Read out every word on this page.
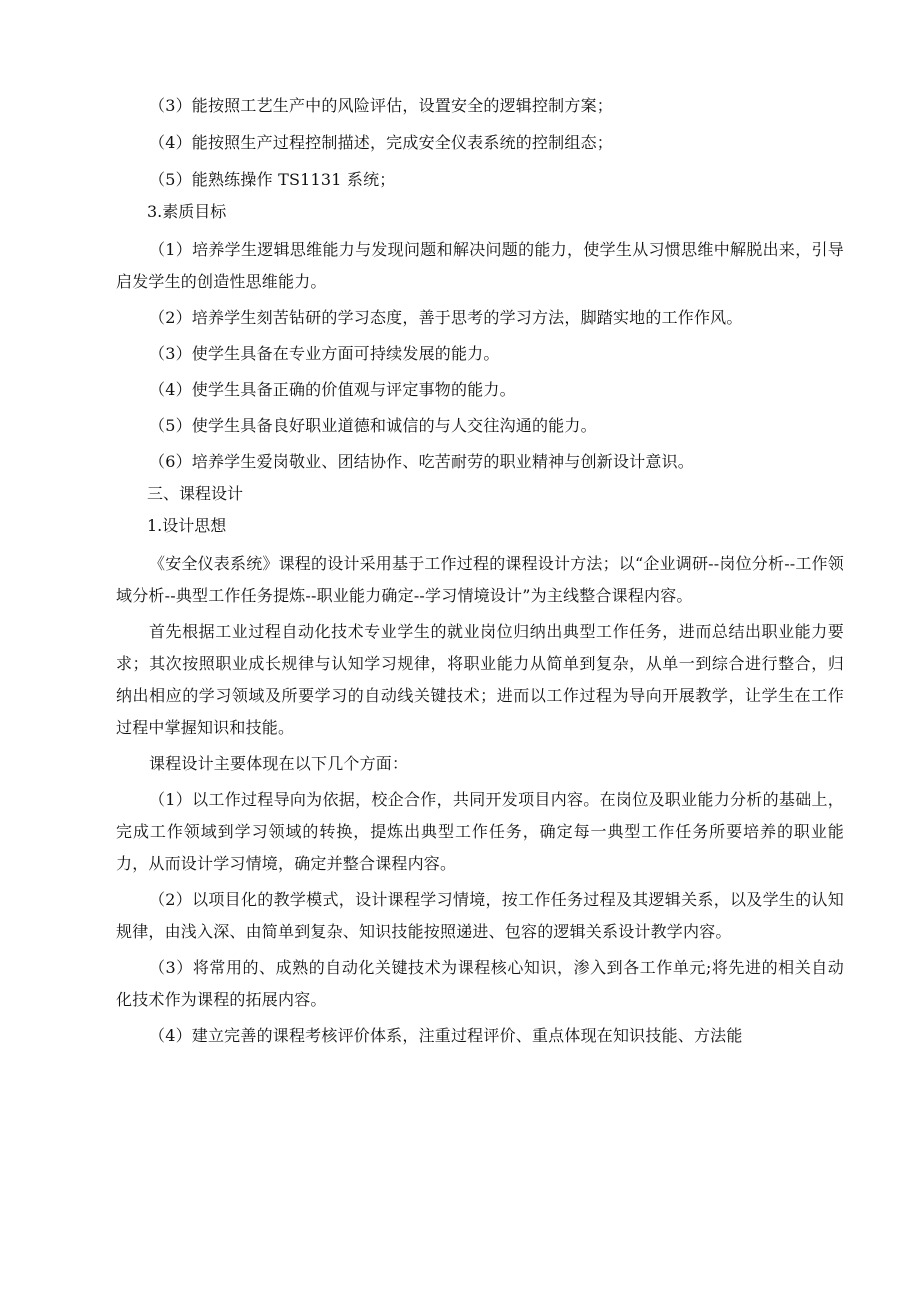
（3）能按照工艺生产中的风险评估，设置安全的逻辑控制方案；

（4）能按照生产过程控制描述，完成安全仪表系统的控制组态；

（5）能熟练操作 TS1131 系统；

3.素质目标

（1）培养学生逻辑思维能力与发现问题和解决问题的能力，使学生从习惯思维中解脱出来，引导启发学生的创造性思维能力。

（2）培养学生刻苦钻研的学习态度，善于思考的学习方法，脚踏实地的工作作风。

（3）使学生具备在专业方面可持续发展的能力。

（4）使学生具备正确的价值观与评定事物的能力。

（5）使学生具备良好职业道德和诚信的与人交往沟通的能力。

（6）培养学生爱岗敬业、团结协作、吃苦耐劳的职业精神与创新设计意识。

三、课程设计

1.设计思想

《安全仪表系统》课程的设计采用基于工作过程的课程设计方法；以“企业调研--岗位分析--工作领域分析--典型工作任务提炼--职业能力确定--学习情境设计”为主线整合课程内容。

首先根据工业过程自动化技术专业学生的就业岗位归纳出典型工作任务，进而总结出职业能力要求；其次按照职业成长规律与认知学习规律，将职业能力从简单到复杂，从单一到综合进行整合，归纳出相应的学习领域及所要学习的自动线关键技术；进而以工作过程为导向开展教学，让学生在工作过程中掌握知识和技能。

课程设计主要体现在以下几个方面：

（1）以工作过程导向为依据，校企合作，共同开发项目内容。在岗位及职业能力分析的基础上，完成工作领域到学习领域的转换，提炼出典型工作任务，确定每一典型工作任务所要培养的职业能力，从而设计学习情境，确定并整合课程内容。

（2）以项目化的教学模式，设计课程学习情境，按工作任务过程及其逻辑关系，以及学生的认知规律，由浅入深、由简单到复杂、知识技能按照递进、包容的逻辑关系设计教学内容。

（3）将常用的、成熟的自动化关键技术为课程核心知识，渗入到各工作单元;将先进的相关自动化技术作为课程的拓展内容。

（4）建立完善的课程考核评价体系，注重过程评价、重点体现在知识技能、方法能
